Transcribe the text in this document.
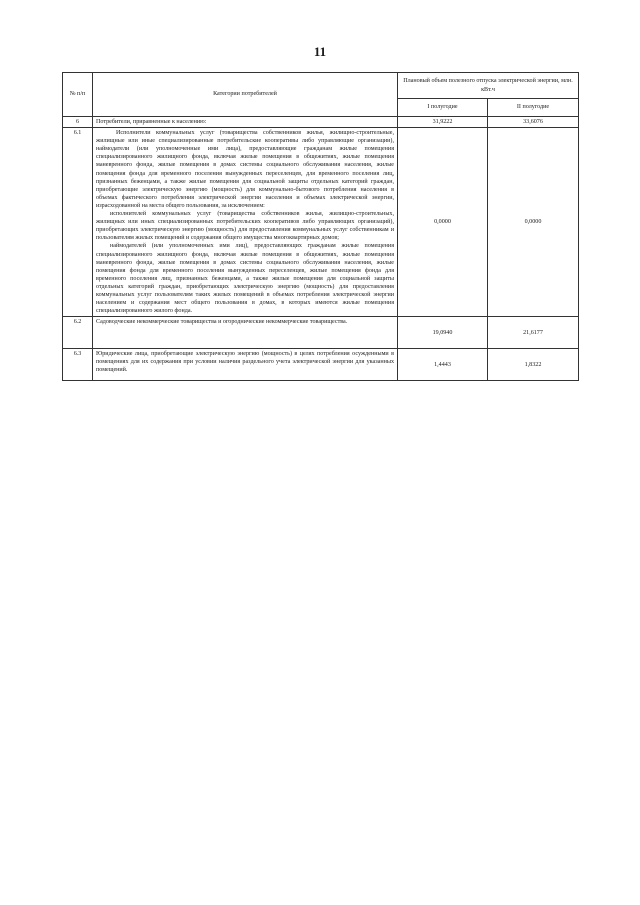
11
№ п/п	Категории потребителей	Плановый объем полезного отпуска электрической энергии, млн. кВт.ч	
		I полугодие	II полугодие
6	Потребители, приравненные к населению:	31,9222	33,6076
6.1	Исполнители коммунальных услуг (товарищества собственников жилья, жилищно-строительные, жилищные или иные специализированные потребительские кооперативы либо управляющие организации), наймодатели (или уполномоченные ими лица), предоставляющие гражданам жилые помещения специализированного жилищного фонда, включая жилые помещения в общежитиях, жилые помещения маневренного фонда, жилые помещения в домах системы социального обслуживания населения, жилые помещения фонда для временного поселения вынужденных переселенцев, для временного поселения лиц, признанных беженцами, а также жилые помещения для социальной защиты отдельных категорий граждан, приобретающие электрическую энергию (мощность) для коммунально-бытового потребления населения в объемах фактического потребления электрической энергии населения и объемах электрической энергии, израсходованной на места общего пользования, за исключением:

исполнителей коммунальных услуг (товарищества собственников жилья, жилищно-строительных, жилищных или иных специализированных потребительских кооперативов либо управляющих организаций), приобретающих электрическую энергию (мощность) для предоставления коммунальных услуг собственникам и пользователям жилых помещений и содержания общего имущества многоквартирных домов;

наймодателей (или уполномоченных ими лиц), предоставляющих гражданам жилые помещения специализированного жилищного фонда, включая жилые помещения в общежитиях, жилые помещения маневренного фонда, жилые помещения в домах системы социального обслуживания населения, жилые помещения фонда для временного поселения вынужденных переселенцев, жилые помещения фонда для временного поселения лиц, признанных беженцами, а также жилые помещения для социальной защиты отдельных категорий граждан, приобретающих электрическую энергию (мощность) для предоставления коммунальных услуг пользователям таких жилых помещений в объемах потребления электрической энергии населением и содержания мест общего пользования в домах, в которых имеются жилые помещения специализированного жилого фонда.	0,0000	0,0000
6.2	Садоводческие некоммерческие товарищества и огороднические некоммерческие товарищества.	19,0940	21,6177
6.3	Юридические лица, приобретающие электрическую энергию (мощность) в целях потребления осужденными в помещениях для их содержания при условии наличия раздельного учета электрической энергии для указанных помещений.	1,4443	1,8322
